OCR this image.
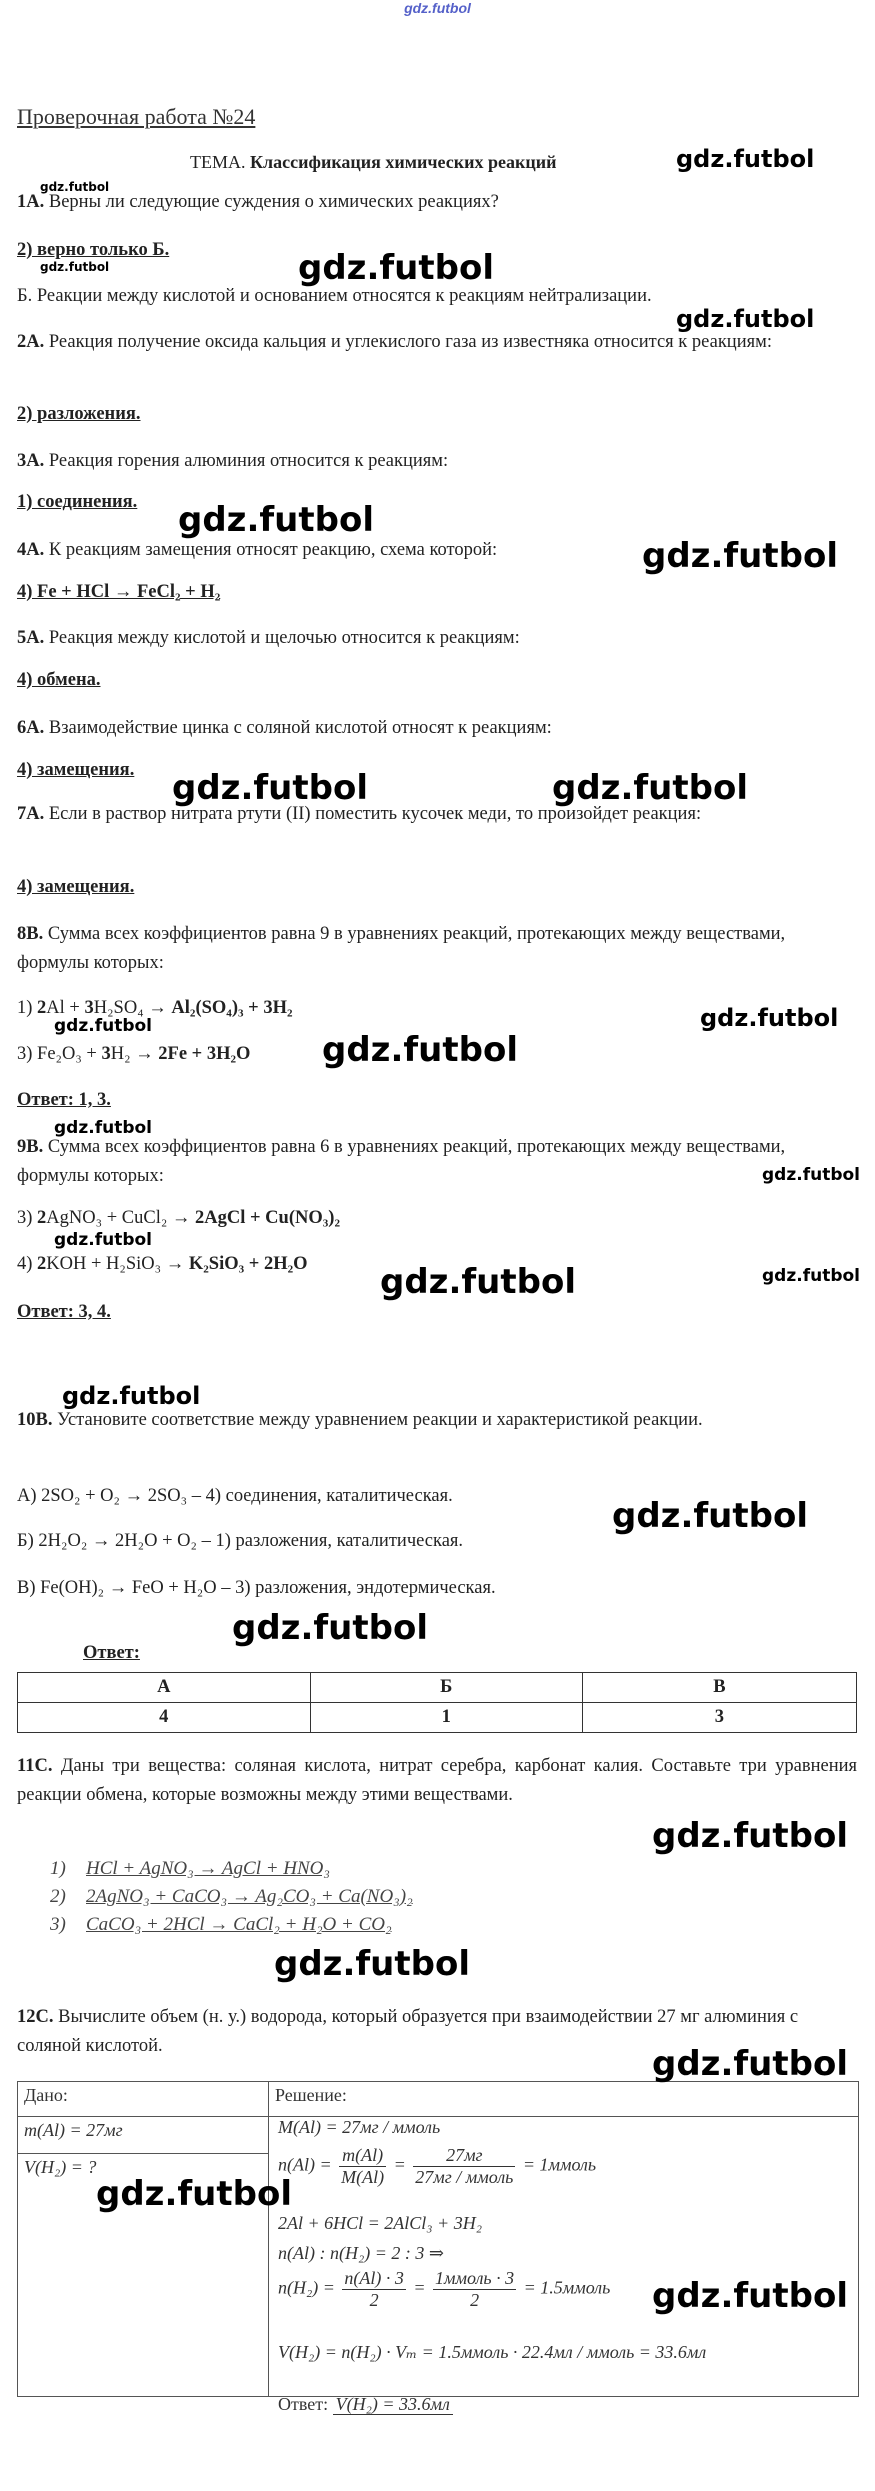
gdz.futbol
Проверочная работа №24
ТЕМА. Классификация химических реакций
1А. Верны ли следующие суждения о химических реакциях?
2) верно только Б.
Б. Реакции между кислотой и основанием относятся к реакциям нейтрализации.
2А. Реакция получение оксида кальция и углекислого газа из известняка относится к реакциям:
2) разложения.
3А. Реакция горения алюминия относится к реакциям:
1) соединения.
4А. К реакциям замещения относят реакцию, схема которой:
4) Fe + HCl → FeCl₂ + H₂
5А. Реакция между кислотой и щелочью относится к реакциям:
4) обмена.
6А. Взаимодействие цинка с соляной кислотой относят к реакциям:
4) замещения.
7А. Если в раствор нитрата ртути (II) поместить кусочек меди, то произойдет реакция:
4) замещения.
8В. Сумма всех коэффициентов равна 9 в уравнениях реакций, протекающих между веществами, формулы которых:
1) 2Al + 3H₂SO₄ → Al₂(SO₄)₃ + 3H₂
3) Fe₂O₃ + 3H₂ → 2Fe + 3H₂O
Ответ: 1, 3.
9В. Сумма всех коэффициентов равна 6 в уравнениях реакций, протекающих между веществами, формулы которых:
3) 2AgNO₃ + CuCl₂ → 2AgCl + Cu(NO₃)₂
4) 2KOH + H₂SiO₃ → K₂SiO₃ + 2H₂O
Ответ: 3, 4.
10В. Установите соответствие между уравнением реакции и характеристикой реакции.
А) 2SO₂ + O₂ → 2SO₃ – 4) соединения, каталитическая.
Б) 2H₂O₂ → 2H₂O + O₂ – 1) разложения, каталитическая.
В) Fe(OH)₂ → FeO + H₂O – 3) разложения, эндотермическая.
Ответ:
А	Б	В
4	1	3
11С. Даны три вещества: соляная кислота, нитрат серебра, карбонат калия. Составьте три уравнения реакции обмена, которые возможны между этими веществами.
1) HCl + AgNO₃ → AgCl + HNO₃
2) 2AgNO₃ + CaCO₃ → Ag₂CO₃ + Ca(NO₃)₂
3) CaCO₃ + 2HCl → CaCl₂ + H₂O + CO₂
12С. Вычислите объем (н. у.) водорода, который образуется при взаимодействии 27 мг алюминия с соляной кислотой.
Дано:	Решение:
m(Al) = 27мг	
V(H₂) = ?	
M(Al) = 27мг / ммоль
$n(Al) = \frac{m(Al)}{M(Al)} = \frac{27мг}{\text{27мг / ммоль}}$ = 1ммоль
2Al + 6HCl = 2AlCl₃ + 3H₂
n(Al) : n(H₂) = 2 : 3 ⇒
$n(H_2) = \frac{n(Al) \cdot 3}{2} = \frac{\text{1ммоль · 3}}{2}$ = 1.5ммоль
V(H₂) = n(H₂) · Vₘ = 1.5ммоль · 22.4мл / ммоль = 33.6мл
Ответ: V(H₂) = 33.6мл
gdz.futbol
gdz.futbol
gdz.futbol	gdz.futbol
gdz.futbol
gdz.futbol
gdz.futbol
gdz.futbol	gdz.futbol
gdz.futbol	gdz.futbol
gdz.futbol
gdz.futbol
gdz.futbol
gdz.futbol
gdz.futbol	gdz.futbol
gdz.futbol
gdz.futbol
gdz.futbol
gdz.futbol
gdz.futbol
gdz.futbol
gdz.futbol
gdz.futbol
